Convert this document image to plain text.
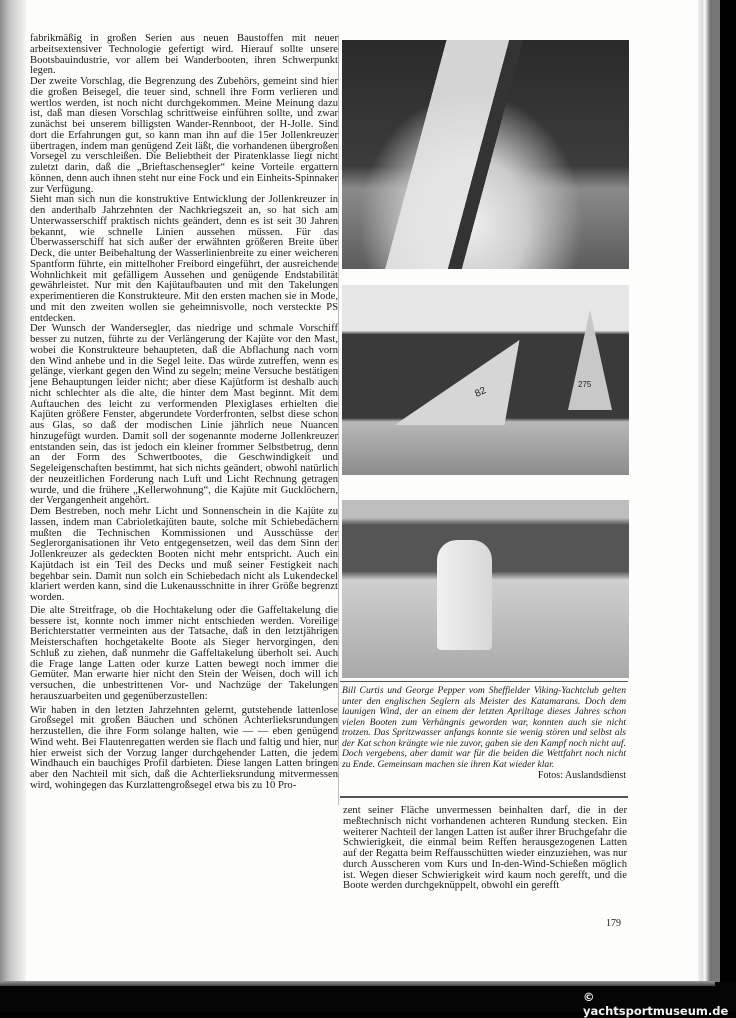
fabrikmäßig in großen Serien aus neuen Baustoffen mit neuer arbeitsextensiver Technologie gefertigt wird. Hierauf sollte unsere Bootsbauindustrie, vor allem bei Wanderbooten, ihren Schwerpunkt legen.

Der zweite Vorschlag, die Begrenzung des Zubehörs, gemeint sind hier die großen Beisegel, die teuer sind, schnell ihre Form verlieren und wertlos werden, ist noch nicht durchgekommen. Meine Meinung dazu ist, daß man diesen Vorschlag schrittweise einführen sollte, und zwar zunächst bei unserem billigsten Wander-Rennboot, der H-Jolle. Sind dort die Erfahrungen gut, so kann man ihn auf die 15er Jollenkreuzer übertragen, indem man genügend Zeit läßt, die vorhandenen übergroßen Vorsegel zu verschleißen. Die Beliebtheit der Piratenklasse liegt nicht zuletzt darin, daß die „Brieftaschensegler“ keine Vorteile ergattern können, denn auch ihnen steht nur eine Fock und ein Einheits-Spinnaker zur Verfügung.

Sieht man sich nun die konstruktive Entwicklung der Jollenkreuzer in den anderthalb Jahrzehnten der Nachkriegszeit an, so hat sich am Unterwasserschiff praktisch nichts geändert, denn es ist seit 30 Jahren bekannt, wie schnelle Linien aussehen müssen. Für das Überwasserschiff hat sich außer der erwähnten größeren Breite über Deck, die unter Beibehaltung der Wasserlinienbreite zu einer weicheren Spantform führte, ein mittelhoher Freibord eingeführt, der ausreichende Wohnlichkeit mit gefälligem Aussehen und genügende Endstabilität gewährleistet. Nur mit den Kajütaufbauten und mit den Takelungen experimentieren die Konstrukteure. Mit den ersten machen sie in Mode, und mit den zweiten wollen sie geheimnisvolle, noch versteckte PS entdecken.

Der Wunsch der Wandersegler, das niedrige und schmale Vorschiff besser zu nutzen, führte zu der Verlängerung der Kajüte vor den Mast, wobei die Konstrukteure behaupteten, daß die Abflachung nach vorn den Wind anhebe und in die Segel leite. Das würde zutreffen, wenn es gelänge, vierkant gegen den Wind zu segeln; meine Versuche bestätigen jene Behauptungen leider nicht; aber diese Kajütform ist deshalb auch nicht schlechter als die alte, die hinter dem Mast beginnt. Mit dem Auftauchen des leicht zu verformenden Plexiglases erhielten die Kajüten größere Fenster, abgerundete Vorderfronten, selbst diese schon aus Glas, so daß der modischen Linie jährlich neue Nuancen hinzugefügt wurden. Damit soll der sogenannte moderne Jollenkreuzer entstanden sein, das ist jedoch ein kleiner frommer Selbstbetrug, denn an der Form des Schwertbootes, die Geschwindigkeit und Segeleigenschaften bestimmt, hat sich nichts geändert, obwohl natürlich der neuzeitlichen Forderung nach Luft und Licht Rechnung getragen wurde, und die frühere „Kellerwohnung“, die Kajüte mit Gucklöchern, der Vergangenheit angehört.

Dem Bestreben, noch mehr Licht und Sonnenschein in die Kajüte zu lassen, indem man Cabrioletkajüten baute, solche mit Schiebedächern mußten die Technischen Kommissionen und Ausschüsse der Seglerorganisationen ihr Veto entgegensetzen, weil das dem Sinn der Jollenkreuzer als gedeckten Booten nicht mehr entspricht. Auch ein Kajütdach ist ein Teil des Decks und muß seiner Festigkeit nach begehbar sein. Damit nun solch ein Schiebedach nicht als Lukendeckel klariert werden kann, sind die Lukenausschnitte in ihrer Größe begrenzt worden.

Die alte Streitfrage, ob die Hochtakelung oder die Gaffeltakelung die bessere ist, konnte noch immer nicht entschieden werden. Voreilige Berichterstatter vermeinten aus der Tatsache, daß in den letztjährigen Meisterschaften hochgetakelte Boote als Sieger hervorgingen, den Schluß zu ziehen, daß nunmehr die Gaffeltakelung überholt sei. Auch die Frage lange Latten oder kurze Latten bewegt noch immer die Gemüter. Man erwarte hier nicht den Stein der Weisen, doch will ich versuchen, die unbestrittenen Vor- und Nachzüge der Takelungen herauszuarbeiten und gegenüberzustellen:

Wir haben in den letzten Jahrzehnten gelernt, gutstehende lattenlose Großsegel mit großen Bäuchen und schönen Achterlieksrundungen herzustellen, die ihre Form solange halten, wie — — eben genügend Wind weht. Bei Flautenregatten werden sie flach und faltig und hier, nur hier erweist sich der Vorzug langer durchgehender Latten, die jedem Windhauch ein bauchiges Profil darbieten. Diese langen Latten bringen aber den Nachteil mit sich, daß die Achterlieksrundung mitvermessen wird, wohingegen das Kurzlattengroßsegel etwa bis zu 10 Pro-

82
275
Bill Curtis und George Pepper vom Sheffielder Viking-Yachtclub gelten unter den englischen Seglern als Meister des Katamarans. Doch dem launigen Wind, der an einem der letzten Apriltage dieses Jahres schon vielen Booten zum Verhängnis geworden war, konnten auch sie nicht trotzen. Das Spritzwasser anfangs konnte sie wenig stören und selbst als der Kat schon krängte wie nie zuvor, gaben sie den Kampf noch nicht auf. Doch vergebens, aber damit war für die beiden die Wettfahrt noch nicht zu Ende. Gemeinsam machen sie ihren Kat wieder klar.
Fotos: Auslandsdienst

zent seiner Fläche unvermessen beinhalten darf, die in der meßtechnisch nicht vorhandenen achteren Rundung stecken. Ein weiterer Nachteil der langen Latten ist außer ihrer Bruchgefahr die Schwierigkeit, die einmal beim Reffen herausgezogenen Latten auf der Regatta beim Reffausschütten wieder einzuziehen, was nur durch Ausscheren vom Kurs und In-den-Wind-Schießen möglich ist. Wegen dieser Schwierigkeit wird kaum noch gerefft, und die Boote werden durchgeknüppelt, obwohl ein gerefft

179
© yachtsportmuseum.de
